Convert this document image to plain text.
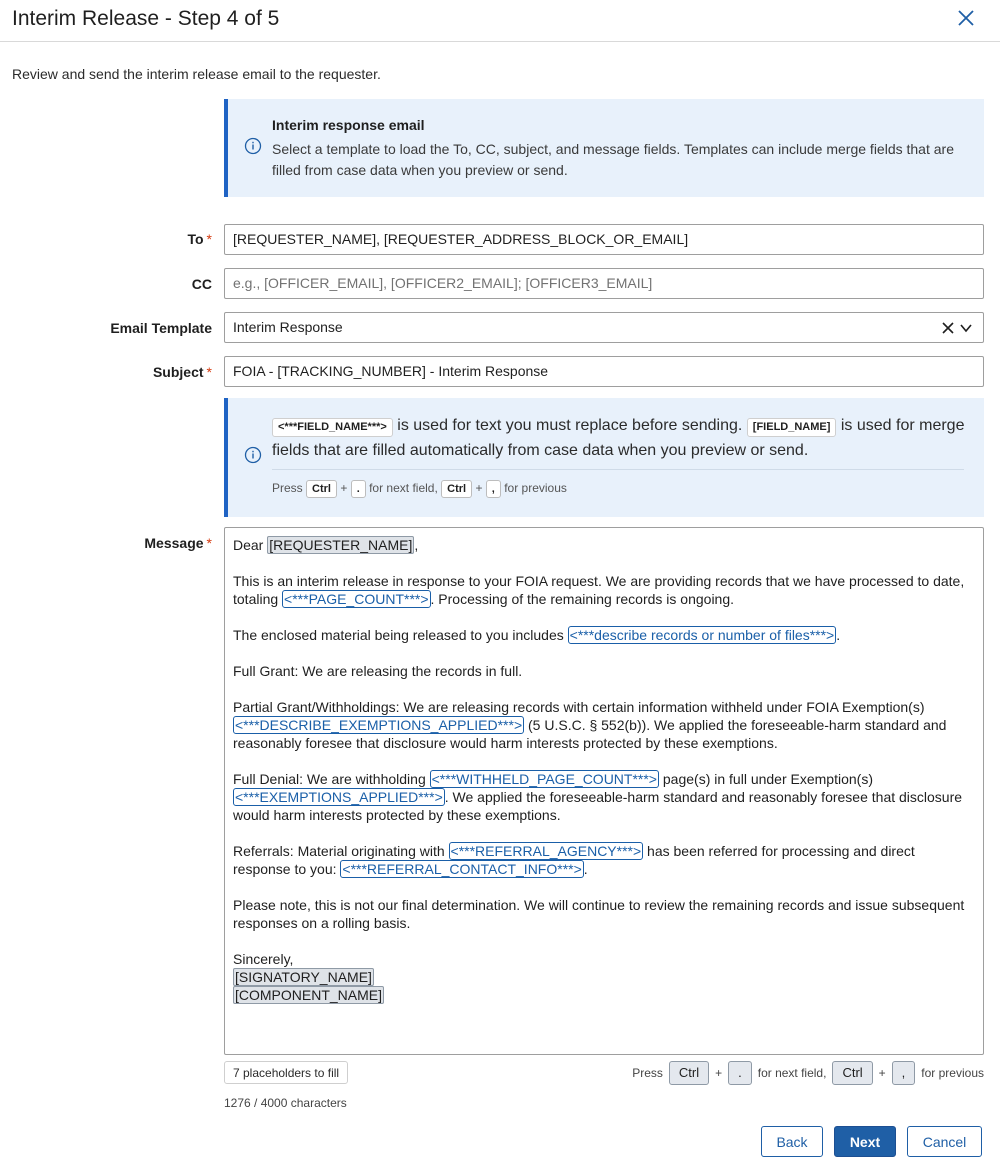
Interim Release - Step 4 of 5
Review and send the interim release email to the requester.
Interim response email
Select a template to load the To, CC, subject, and message fields. Templates can include merge fields that are filled from case data when you preview or send.
To *	[REQUESTER_NAME], [REQUESTER_ADDRESS_BLOCK_OR_EMAIL]
CC	e.g., [OFFICER_EMAIL], [OFFICER2_EMAIL]; [OFFICER3_EMAIL]
Email Template	Interim Response

Subject *	FOIA - [TRACKING_NUMBER] - Interim Response
<***FIELD_NAME***> is used for text you must replace before sending. [FIELD_NAME] is used for merge fields that are filled automatically from case data when you preview or send.
Press Ctrl + . for next field, Ctrl + , for previous
Message * Dear [REQUESTER_NAME] ,

This is an interim release in response to your FOIA request. We are providing records that we have processed to date, totaling <***PAGE_COUNT***> . Processing of the remaining records is ongoing.

The enclosed material being released to you includes <***describe records or number of files***> .

Full Grant: We are releasing the records in full.

Partial Grant/Withholdings: We are releasing records with certain information withheld under FOIA Exemption(s) <***DESCRIBE_EXEMPTIONS_APPLIED***> (5 U.S.C. § 552(b)). We applied the foreseeable-harm standard and reasonably foresee that disclosure would harm interests protected by these exemptions.

Full Denial: We are withholding <***WITHHELD_PAGE_COUNT***> page(s) in full under Exemption(s) <***EXEMPTIONS_APPLIED***> . We applied the foreseeable-harm standard and reasonably foresee that disclosure would harm interests protected by these exemptions.

Referrals: Material originating with <***REFERRAL_AGENCY***> has been referred for processing and direct response to you: <***REFERRAL_CONTACT_INFO***> .

Please note, this is not our final determination. We will continue to review the remaining records and issue subsequent responses on a rolling basis.

Sincerely,
[SIGNATORY_NAME]
[COMPONENT_NAME]
7 placeholders to fill	Press	Ctrl	+	.	for next field,	Ctrl	+	,	for previous
1276 / 4000 characters
Back	Next	Cancel
